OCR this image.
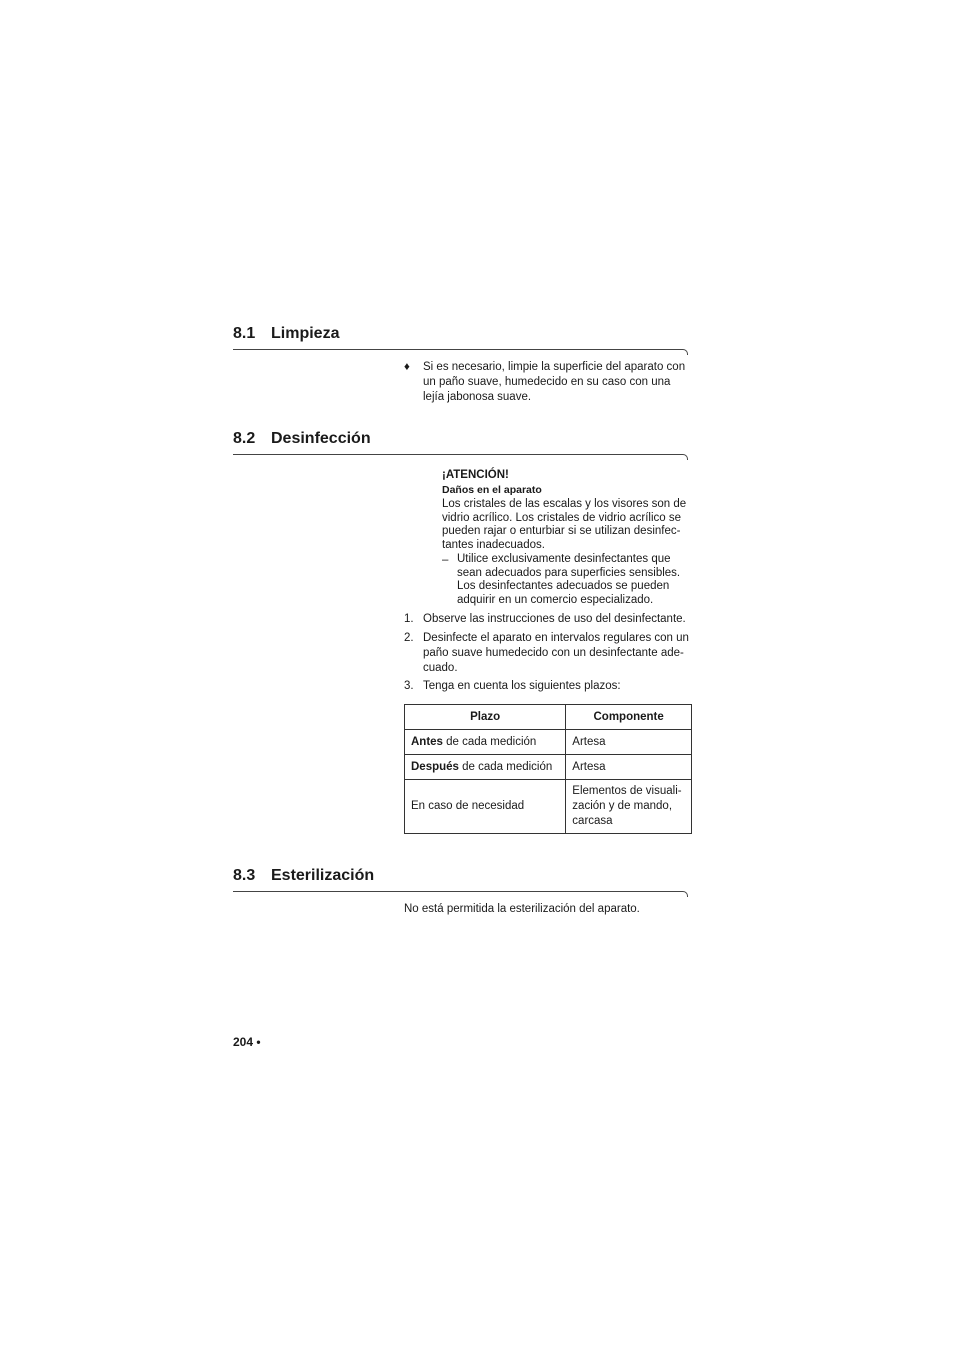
8.1 Limpieza
♦ Si es necesario, limpie la superficie del aparato con
un paño suave, humedecido en su caso con una
lejía jabonosa suave.
8.2 Desinfección
¡ATENCIÓN!
Daños en el aparato
Los cristales de las escalas y los visores son de
vidrio acrílico. Los cristales de vidrio acrílico se
pueden rajar o enturbiar si se utilizan desinfec-
tantes inadecuados.
– Utilice exclusivamente desinfectantes que
sean adecuados para superficies sensibles.
Los desinfectantes adecuados se pueden
adquirir en un comercio especializado.
1. Observe las instrucciones de uso del desinfectante.
2. Desinfecte el aparato en intervalos regulares con un
paño suave humedecido con un desinfectante ade-
cuado.
3. Tenga en cuenta los siguientes plazos:
Plazo	Componente
Antes de cada medición	Artesa
Después de cada medición	Artesa
En caso de necesidad	Elementos de visuali-
zación y de mando,
carcasa
8.3 Esterilización
No está permitida la esterilización del aparato.
204 •
